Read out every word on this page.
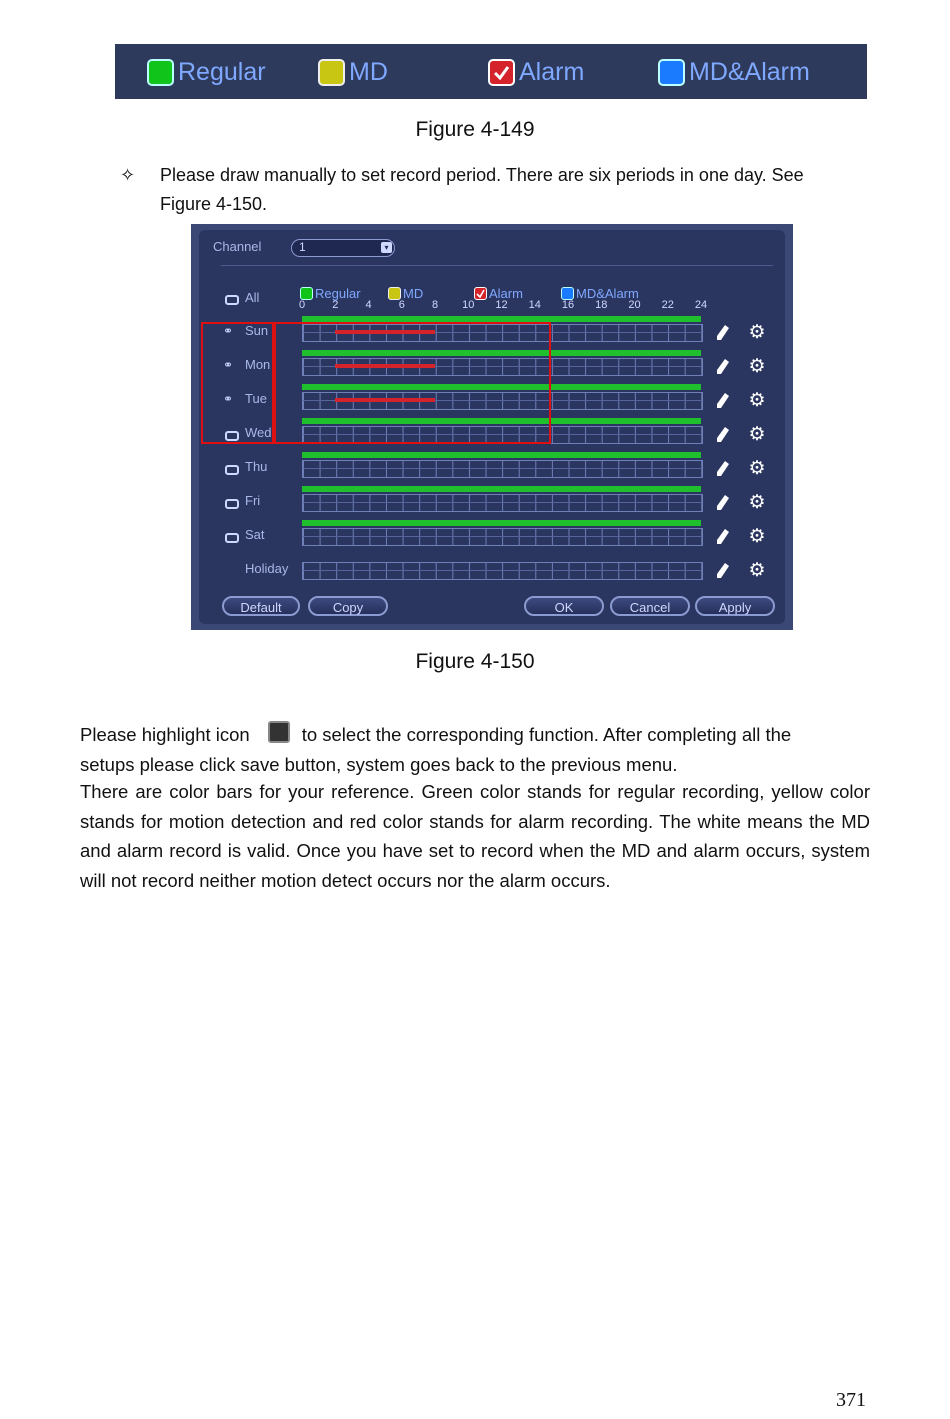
Regular	MD	Alarm	MD&Alarm
Figure 4-149
✧ Please draw manually to set record period. There are six periods in one day. See
Figure 4-150.
Channel	1	▾
Regular	MD	Alarm	MD&Alarm
All	0	2	4	6	8	10	12	14	16	18	20	22	24
⚭ Sun	⚙
⚭ Mon	⚙
⚭ Tue	⚙
Wed	⚙
Thu	⚙
Fri	⚙
Sat	⚙
Holiday	⚙
Default	Copy	OK	Cancel	Apply
Figure 4-150
Please highlight icon	to select the corresponding function. After completing all the
setups please click save button, system goes back to the previous menu.
There are color bars for your reference. Green color stands for regular recording, yellow color stands for motion detection and red color stands for alarm recording. The white means the MD and alarm record is valid. Once you have set to record when the MD and alarm occurs, system will not record neither motion detect occurs nor the alarm occurs.
371
